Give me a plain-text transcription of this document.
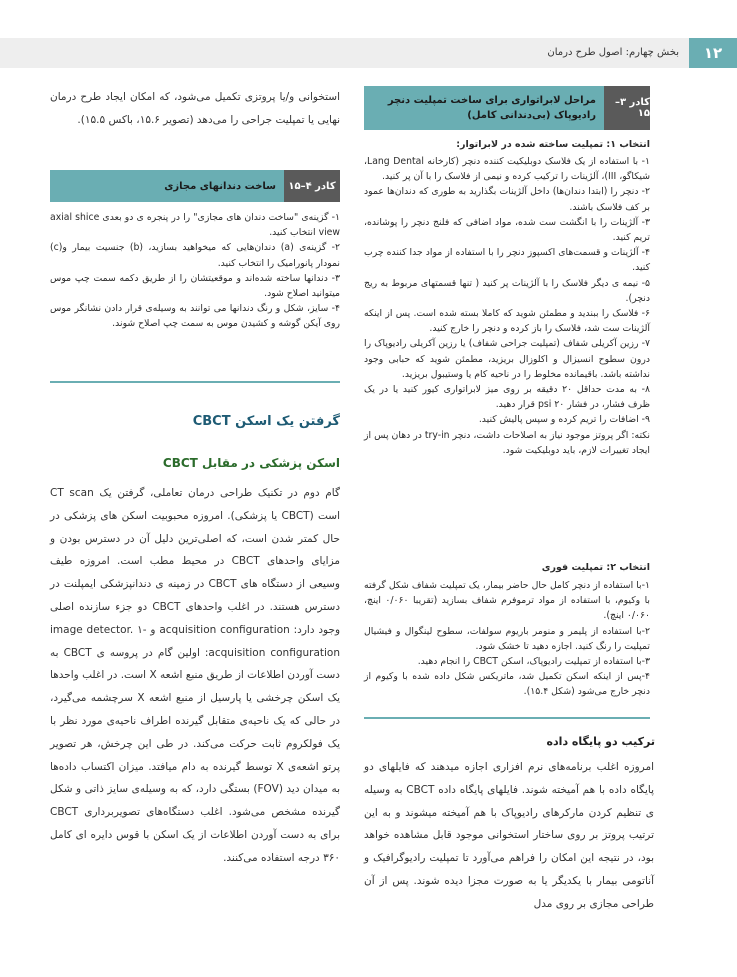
۱۲
بخش چهارم: اصول طرح درمان
کادر ۳–۱۵
مراحل لابراتواری برای ساخت تمپلیت دنچر رادیوپاک (بی‌دندانی کامل)
انتخاب ۱: تمپلیت ساخته شده در لابراتوار:

۱- با استفاده از یک فلاسک دوبلیکیت کننده دنچر (کارخانه Lang Dental، شیکاگو، III)، آلژینات را ترکیب کرده و نیمی از فلاسک را با آن پر کنید.

۲- دنچر را (ابتدا دندان‌ها) داخل آلژینات بگذارید به طوری که دندان‌ها عمود بر کف فلاسک باشند.

۳- آلژینات را با انگشت ست شده، مواد اضافی که فلنج دنچر را پوشانده، تریم کنید.

۴- آلژینات و قسمت‌های اکسپوز دنچر را با استفاده از مواد جدا کننده چرب کنید.

۵- نیمه ی دیگر فلاسک را با آلژینات پر کنید ( تنها قسمتهای مربوط به ریج دنچر).

۶- فلاسک را ببندید و مطمئن شوید که کاملا بسته شده است. پس از اینکه آلژینات ست شد، فلاسک را باز کرده و دنچر را خارج کنید.

۷- رزین آکریلی شفاف (تمپلیت جراحی شفاف) یا رزین آکریلی رادیوپاک را درون سطوح انسیزال و اکلوزال بریزید، مطمئن شوید که حبابی وجود نداشته باشد. باقیمانده مخلوط را در ناحیه کام یا وستیبول بریزید.

۸- به مدت حداقل ۲۰ دقیقه بر روی میز لابراتواری کیور کنید یا در یک ظرف فشار، در فشار ۲۰ psi قرار دهید.

۹- اضافات را تریم کرده و سپس پالیش کنید.

نکته: اگر پروتز موجود نیاز به اصلاحات داشت، دنچر try-in در دهان پس از ایجاد تغییرات لازم، باید دوبلیکیت شود.

انتخاب ۲: تمپلیت فوری

۱-با استفاده از دنچر کامل حال حاضر بیمار، یک تمپلیت شفاف شکل گرفته با وکیوم، با استفاده از مواد ترموفرم شفاف بسازید (تقریبا ۰/۰۶۰ اینچ، ۰/۰۶۰ اینچ).

۲-با استفاده از پلیمر و منومر باریوم سولفات، سطوح لینگوال و فیشیال تمپلیت را رنگ کنید. اجازه دهید تا خشک شود.

۳-با استفاده از تمپلیت رادیوپاک، اسکن CBCT را انجام دهید.

۴-پس از اینکه اسکن تکمیل شد، ماتریکس شکل داده شده با وکیوم از دنچر خارج می‌شود (شکل ۱۵.۴).

ترکیب دو پایگاه داده
امروزه اغلب برنامه‌های نرم افزاری اجازه میدهند که فایلهای دو پایگاه داده با هم آمیخته شوند. فایلهای پایگاه داده CBCT به وسیله ی تنظیم کردن مارکرهای رادیوپاک با هم آمیخته میشوند و به این ترتیب پروتز بر روی ساختار استخوانی موجود قابل مشاهده خواهد بود، در نتیجه این امکان را فراهم می‌آورد تا تمپلیت رادیوگرافیک و آناتومی بیمار با یکدیگر یا به صورت مجزا دیده شوند. پس از آن طراحی مجازی بر روی مدل
استخوانی و/یا پروتزی تکمیل می‌شود، که امکان ایجاد طرح درمان نهایی یا تمپلیت جراحی را می‌دهد (تصویر ۱۵.۶، باکس ۱۵.۵).
کادر ۴–۱۵
ساخت دندانهای مجازی

۱- گزینه‌ی "ساخت دندان های مجازی" را در پنجره ی دو بعدی axial shice view انتخاب کنید.

۲- گزینه‌ی (a) دندان‌هایی که میخواهید بسازید، (b) جنسیت بیمار و(c) نمودار پانورامیک را انتخاب کنید.

۳- دندانها ساخته شده‌اند و موقعیتشان را از طریق دکمه سمت چپ موس میتوانید اصلاح شود.

۴- سایز، شکل و رنگ دندانها می توانند به وسیله‌ی قرار دادن نشانگر موس روی آیکن گوشه و کشیدن موس به سمت چپ اصلاح شوند.

گرفتن یک اسکن CBCT
اسکن پزشکی در مقابل CBCT
گام دوم در تکنیک طراحی درمان تعاملی، گرفتن یک CT scan است (CBCT یا پزشکی). امروزه محبوبیت اسکن های پزشکی در حال کمتر شدن است، که اصلی‌ترین دلیل آن در دسترس بودن و مزایای واحدهای CBCT در محیط مطب است. امروزه طیف وسیعی از دستگاه های CBCT در زمینه ی دندانپزشکی ایمپلنت در دسترس هستند. در اغلب واحدهای CBCT دو جزء سازنده اصلی وجود دارد: acquisition configuration و image detector. ۱- acquisition configuration: اولین گام در پروسه ی CBCT به دست آوردن اطلاعات از طریق منبع اشعه X است. در اغلب واحدها یک اسکن چرخشی یا پارسیل از منبع اشعه X سرچشمه می‌گیرد، در حالی که یک ناحیه‌ی متقابل گیرنده اطراف ناحیه‌ی مورد نظر با یک فولکروم ثابت حرکت می‌کند. در طی این چرخش، هر تصویر پرتو اشعه‌ی X توسط گیرنده به دام میافتد. میزان اکتساب داده‌ها به میدان دید (FOV) بستگی دارد، که به وسیله‌ی سایز ذاتی و شکل گیرنده مشخص می‌شود. اغلب دستگاه‌های تصویربرداری CBCT برای به دست آوردن اطلاعات از یک اسکن با قوس دایره ای کامل ۳۶۰ درجه استفاده می‌کنند.
